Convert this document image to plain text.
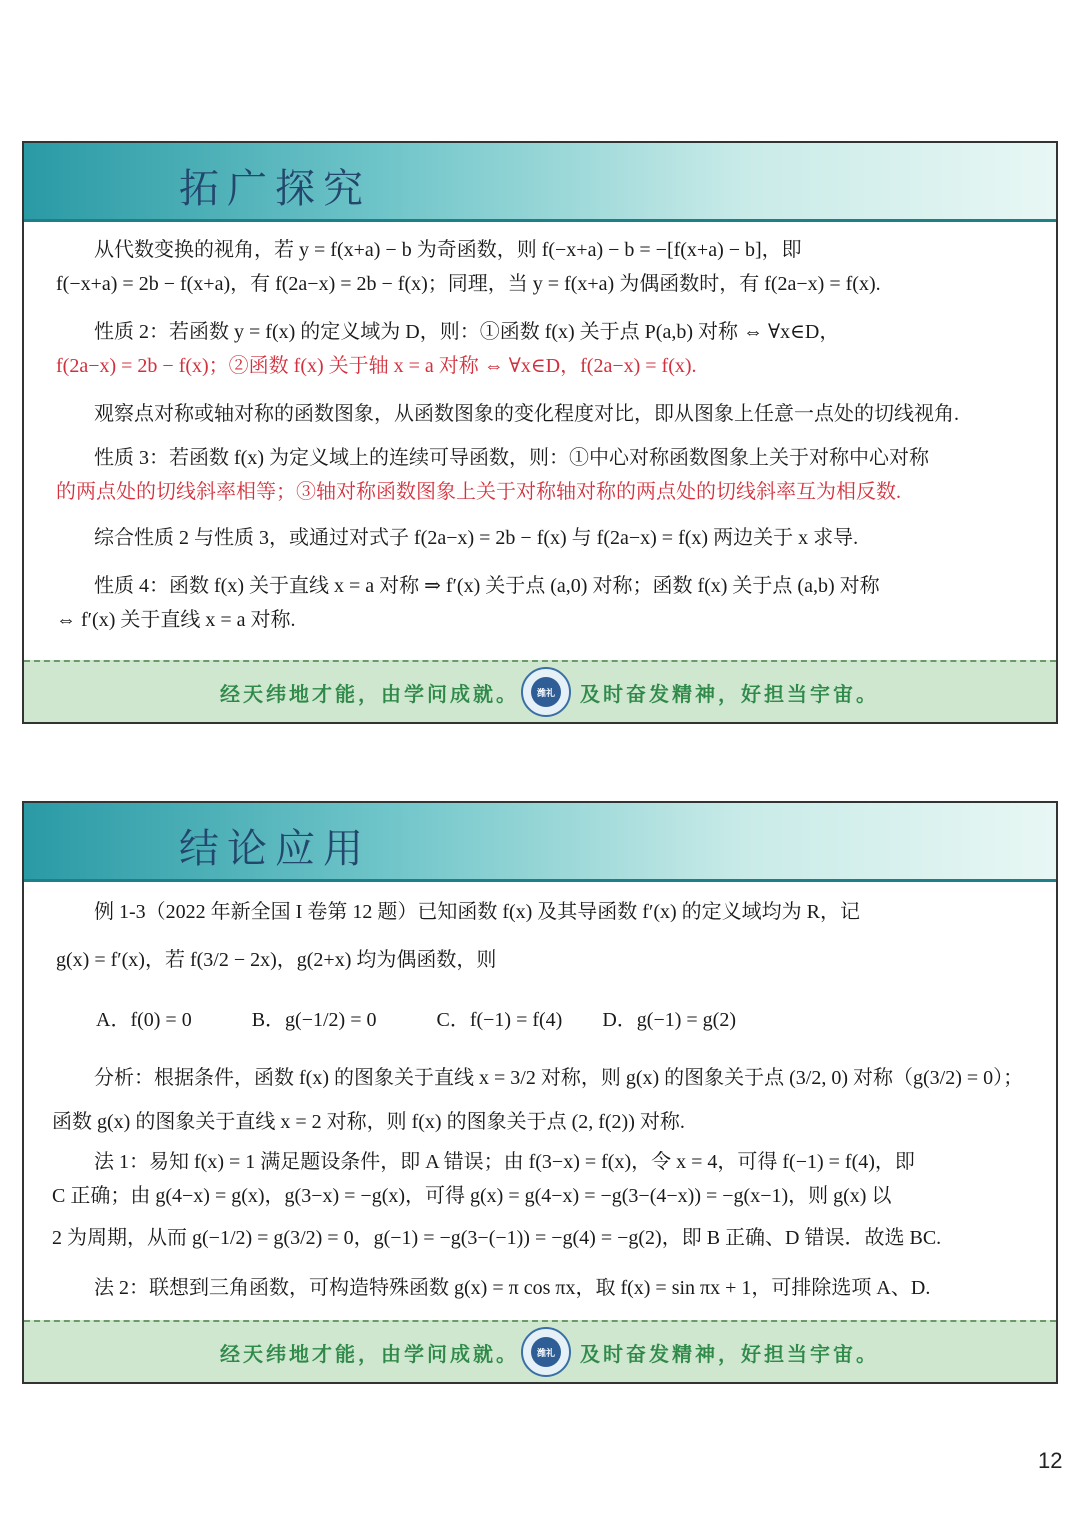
拓广探究
从代数变换的视角，若 y = f(x+a) − b 为奇函数，则 f(−x+a) − b = −[f(x+a) − b]，即
f(−x+a) = 2b − f(x+a)，有 f(2a−x) = 2b − f(x)；同理，当 y = f(x+a) 为偶函数时，有 f(2a−x) = f(x).
性质 2：若函数 y = f(x) 的定义域为 D，则：①函数 f(x) 关于点 P(a,b) 对称 ⇔ ∀x∈D，
f(2a−x) = 2b − f(x)；②函数 f(x) 关于轴 x = a 对称 ⇔ ∀x∈D，f(2a−x) = f(x).
观察点对称或轴对称的函数图象，从函数图象的变化程度对比，即从图象上任意一点处的切线视角.
性质 3：若函数 f(x) 为定义域上的连续可导函数，则：①中心对称函数图象上关于对称中心对称
的两点处的切线斜率相等；③轴对称函数图象上关于对称轴对称的两点处的切线斜率互为相反数.
综合性质 2 与性质 3，或通过对式子 f(2a−x) = 2b − f(x) 与 f(2a−x) = f(x) 两边关于 x 求导.
性质 4：函数 f(x) 关于直线 x = a 对称 ⇒ f′(x) 关于点 (a,0) 对称；函数 f(x) 关于点 (a,b) 对称
⇔ f′(x) 关于直线 x = a 对称.
经天纬地才能，由学问成就。	潍礼	及时奋发精神，好担当宇宙。
结论应用
例 1-3（2022 年新全国 I 卷第 12 题）已知函数 f(x) 及其导函数 f′(x) 的定义域均为 R，记
g(x) = f′(x)，若 f(3/2 − 2x)，g(2+x) 均为偶函数，则
A．f(0) = 0　　　B．g(−1/2) = 0　　　C．f(−1) = f(4)　　D．g(−1) = g(2)
分析：根据条件，函数 f(x) 的图象关于直线 x = 3/2 对称，则 g(x) 的图象关于点 (3/2, 0) 对称（g(3/2) = 0）；
函数 g(x) 的图象关于直线 x = 2 对称，则 f(x) 的图象关于点 (2, f(2)) 对称.
法 1：易知 f(x) = 1 满足题设条件，即 A 错误；由 f(3−x) = f(x)，令 x = 4，可得 f(−1) = f(4)，即
C 正确；由 g(4−x) = g(x)，g(3−x) = −g(x)，可得 g(x) = g(4−x) = −g(3−(4−x)) = −g(x−1)，则 g(x) 以
2 为周期，从而 g(−1/2) = g(3/2) = 0，g(−1) = −g(3−(−1)) = −g(4) = −g(2)，即 B 正确、D 错误．故选 BC.
法 2：联想到三角函数，可构造特殊函数 g(x) = π cos πx，取 f(x) = sin πx + 1，可排除选项 A、D.
经天纬地才能，由学问成就。	潍礼	及时奋发精神，好担当宇宙。
12
